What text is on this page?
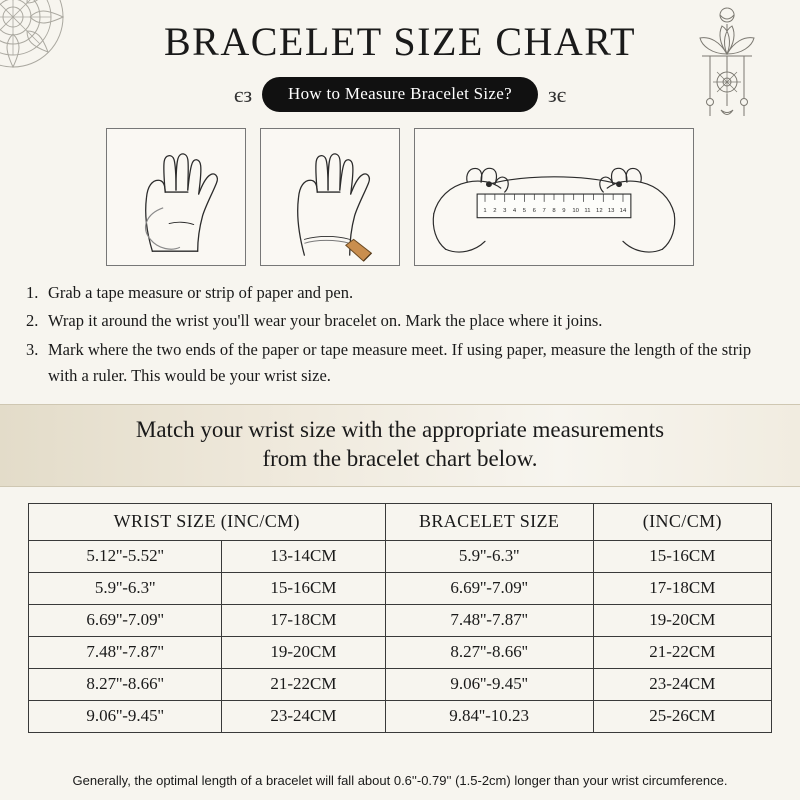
BRACELET SIZE CHART
єз	How to Measure Bracelet Size?	зє
1 2 3 4 5 6 7 8 9 10 11 12 13 14
1. Grab a tape measure or strip of paper and pen.
2. Wrap it around the wrist you'll wear your bracelet on. Mark the place where it joins.
3. Mark where the two ends of the paper or tape measure meet. If using paper, measure the length of the strip with a ruler. This would be your wrist size.
Match your wrist size with the appropriate measurements
from the bracelet chart below.
WRIST SIZE (INC/CM)		BRACELET SIZE	(INC/CM)
5.12''-5.52''	13-14CM	5.9''-6.3''	15-16CM
5.9''-6.3''	15-16CM	6.69''-7.09''	17-18CM
6.69''-7.09''	17-18CM	7.48''-7.87''	19-20CM
7.48''-7.87''	19-20CM	8.27''-8.66''	21-22CM
8.27''-8.66''	21-22CM	9.06''-9.45''	23-24CM
9.06''-9.45''	23-24CM	9.84''-10.23	25-26CM
Generally, the optimal length of a bracelet will fall about 0.6''-0.79'' (1.5-2cm) longer than your wrist circumference.
